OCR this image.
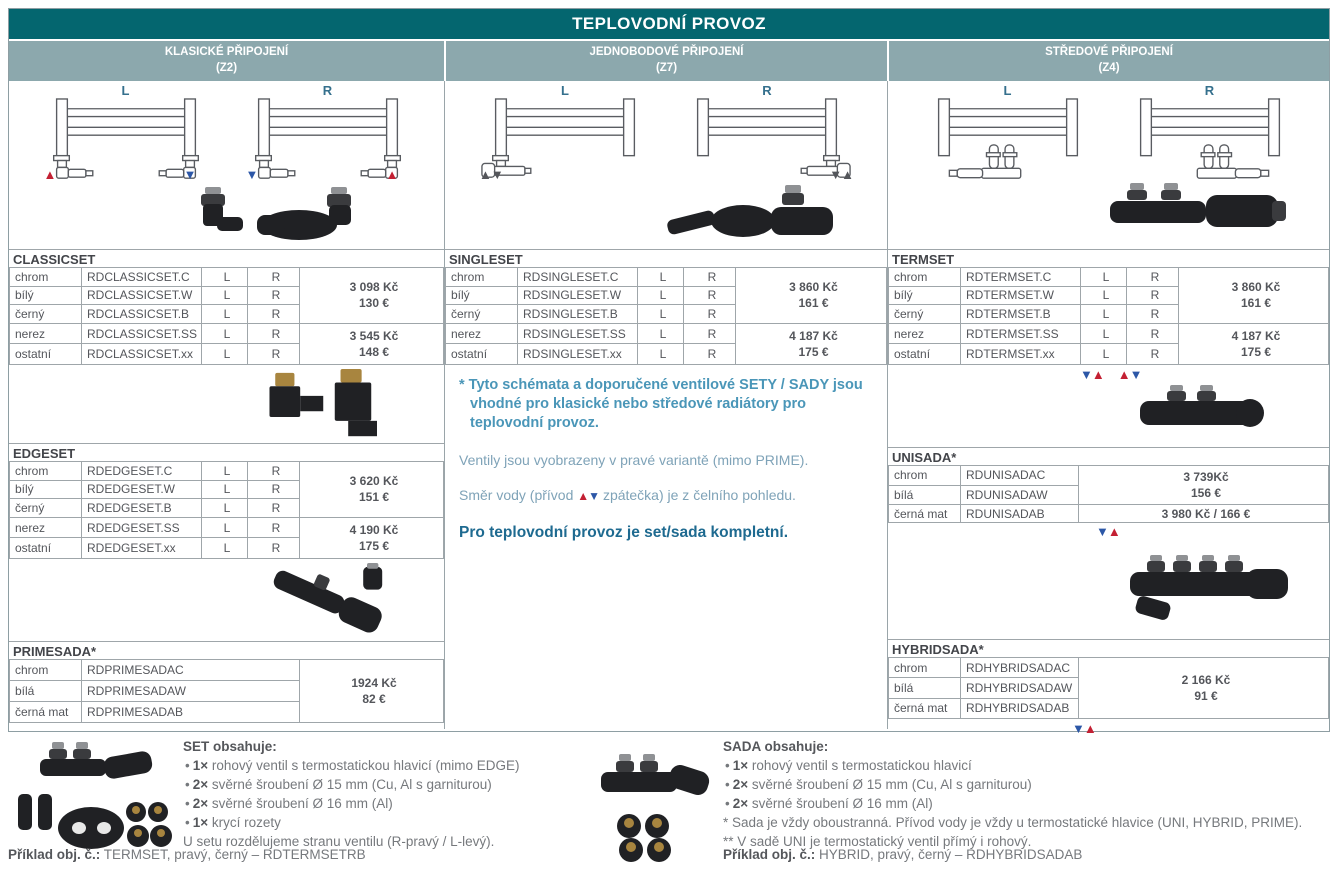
TEPLOVODNÍ PROVOZ
KLASICKÉ PŘIPOJENÍ
(Z2)
JEDNOBODOVÉ PŘIPOJENÍ
(Z7)
STŘEDOVÉ PŘIPOJENÍ
(Z4)
L
▲	▼
R
▼	▲
CLASSICSET
chrom	RDCLASSICSET.C	L	R	3 098 Kč
130 €

bílý	RDCLASSICSET.W	L	R	
černý	RDCLASSICSET.B	L	R	
nerez	RDCLASSICSET.SS	L	R	3 545 Kč
148 €

ostatní	RDCLASSICSET.xx	L	R	
EDGESET
chrom	RDEDGESET.C	L	R	3 620 Kč
151 €

bílý	RDEDGESET.W	L	R	
černý	RDEDGESET.B	L	R	
nerez	RDEDGESET.SS	L	R	4 190 Kč
175 €

ostatní	RDEDGESET.xx	L	R	
PRIMESADA*
chrom	RDPRIMESADAC	1924 Kč
82 €

bílá	RDPRIMESADAW	
černá mat	RDPRIMESADAB	
L
▲▼
R
▼▲
SINGLESET
chrom	RDSINGLESET.C	L	R	3 860 Kč
161 €

bílý	RDSINGLESET.W	L	R	
černý	RDSINGLESET.B	L	R	
nerez	RDSINGLESET.SS	L	R	4 187 Kč
175 €

ostatní	RDSINGLESET.xx	L	R	
* Tyto schémata a doporučené ventilové SETY / SADY jsou vhodné pro klasické nebo středové radiátory pro teplovodní provoz.
Ventily jsou vyobrazeny v pravé variantě (mimo PRIME).
Směr vody (přívod ▲▼ zpátečka) je z čelního pohledu.
Pro teplovodní provoz je set/sada kompletní.
L	R
TERMSET
chrom	RDTERMSET.C	L	R	3 860 Kč
161 €

bílý	RDTERMSET.W	L	R	
černý	RDTERMSET.B	L	R	
nerez	RDTERMSET.SS	L	R	4 187 Kč
175 €

ostatní	RDTERMSET.xx	L	R	
▼▲ ▲▼
UNISADA*
chrom	RDUNISADAC	3 739Kč
156 €

bílá	RDUNISADAW	
černá mat	RDUNISADAB	3 980 Kč / 166 €
▼▲
HYBRIDSADA*
chrom	RDHYBRIDSADAC	2 166 Kč
91 €

bílá	RDHYBRIDSADAW	
černá mat	RDHYBRIDSADAB	
▼▲
SET obsahuje:
• 1× rohový ventil s termostatickou hlavicí (mimo EDGE)
• 2× svěrné šroubení Ø 15 mm (Cu, Al s garniturou)
• 2× svěrné šroubení Ø 16 mm (Al)
• 1× krycí rozety
U setu rozdělujeme stranu ventilu (R-pravý / L-levý).
Příklad obj. č.: TERMSET, pravý, černý – RDTERMSETRB
SADA obsahuje:
• 1× rohový ventil s termostatickou hlavicí
• 2× svěrné šroubení Ø 15 mm (Cu, Al s garniturou)
• 2× svěrné šroubení Ø 16 mm (Al)
* Sada je vždy oboustranná. Přívod vody je vždy u termostatické hlavice (UNI, HYBRID, PRIME).
** V sadě UNI je termostatický ventil přímý i rohový.
Příklad obj. č.: HYBRID, pravý, černý – RDHYBRIDSADAB
